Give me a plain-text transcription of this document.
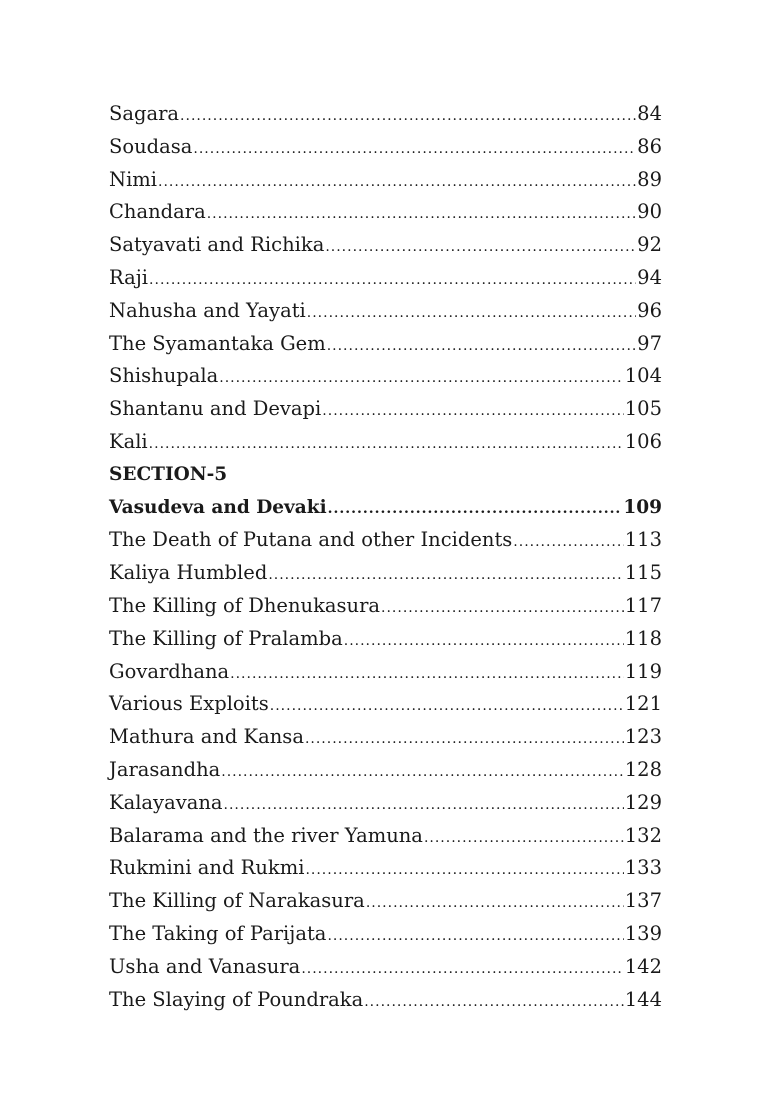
Sagara .....	84
Soudasa .....	86
Nimi .....	89
Chandara .....	90
Satyavati and Richika .....	92
Raji .....	94
Nahusha and Yayati .....	96
The Syamantaka Gem .....	97
Shishupala .....	104
Shantanu and Devapi .....	105
Kali .....	106
SECTION-5
Vasudeva and Devaki .....	109
The Death of Putana and other Incidents .....	113
Kaliya Humbled .....	115
The Killing of Dhenukasura .....	117
The Killing of Pralamba .....	118
Govardhana .....	119
Various Exploits .....	121
Mathura and Kansa .....	123
Jarasandha .....	128
Kalayavana .....	129
Balarama and the river Yamuna .....	132
Rukmini and Rukmi .....	133
The Killing of Narakasura .....	137
The Taking of Parijata .....	139
Usha and Vanasura .....	142
The Slaying of Poundraka .....	144
